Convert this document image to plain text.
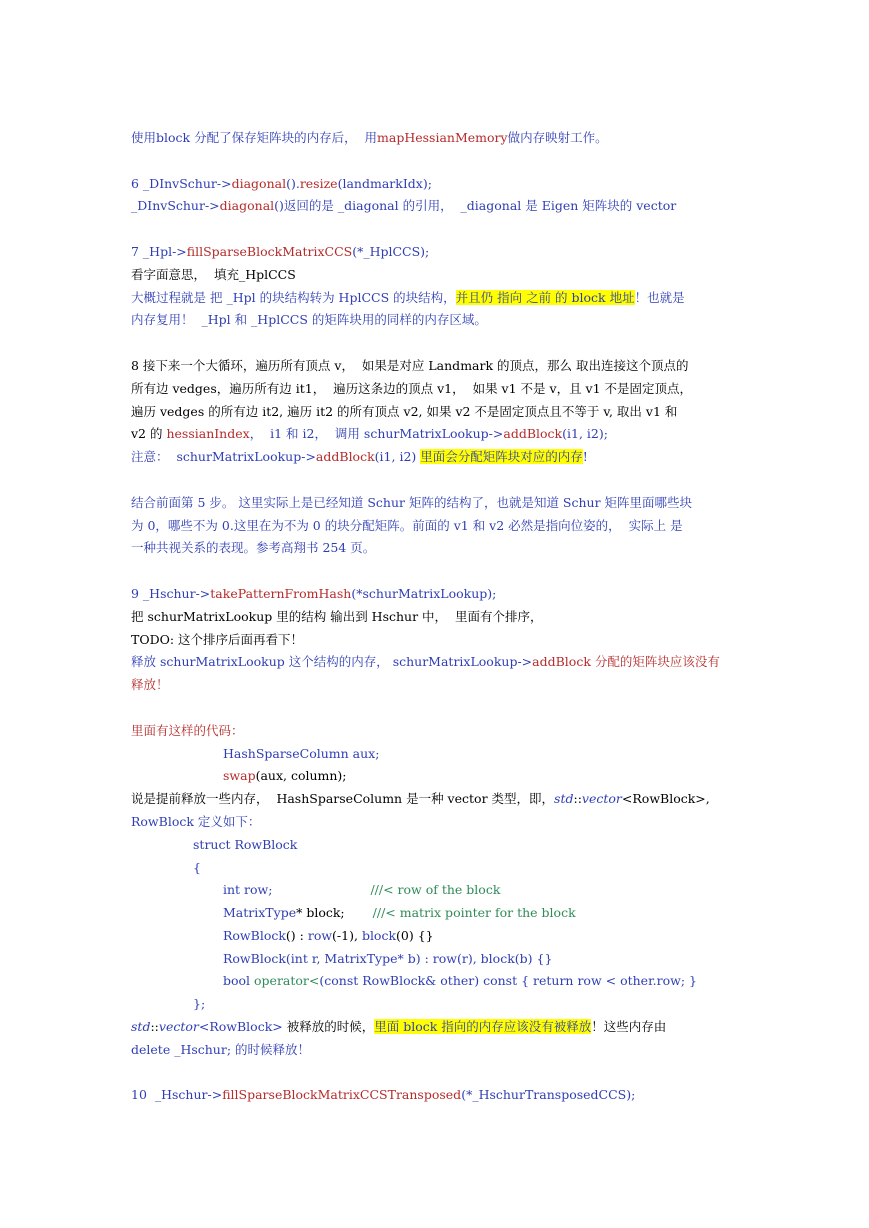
使用block 分配了保存矩阵块的内存后，  用mapHessianMemory做内存映射工作。
6 _DInvSchur->diagonal().resize(landmarkIdx);
_DInvSchur->diagonal()返回的是 _diagonal 的引用，  _diagonal 是 Eigen 矩阵块的 vector
7 _Hpl->fillSparseBlockMatrixCCS(*_HplCCS);
看字面意思，  填充_HplCCS
大概过程就是 把 _Hpl 的块结构转为 HplCCS 的块结构，并且仍 指向 之前 的 block 地址！也就是
内存复用！  _Hpl 和 _HplCCS 的矩阵块用的同样的内存区域。
8 接下来一个大循环，遍历所有顶点 v，  如果是对应 Landmark 的顶点，那么 取出连接这个顶点的
所有边 vedges，遍历所有边 it1，  遍历这条边的顶点 v1，  如果 v1 不是 v，且 v1 不是固定顶点，
遍历 vedges 的所有边 it2, 遍历 it2 的所有顶点 v2, 如果 v2 不是固定顶点且不等于 v, 取出 v1 和
v2 的 hessianIndex，  i1 和 i2，  调用 schurMatrixLookup->addBlock(i1, i2);
注意：  schurMatrixLookup->addBlock(i1, i2) 里面会分配矩阵块对应的内存!
结合前面第 5 步。 这里实际上是已经知道 Schur 矩阵的结构了，也就是知道 Schur 矩阵里面哪些块
为 0，哪些不为 0.这里在为不为 0 的块分配矩阵。前面的 v1 和 v2 必然是指向位姿的，  实际上 是
一种共视关系的表现。参考高翔书 254 页。
9 _Hschur->takePatternFromHash(*schurMatrixLookup);
把 schurMatrixLookup 里的结构 输出到 Hschur 中，  里面有个排序，
TODO: 这个排序后面再看下！
释放 schurMatrixLookup 这个结构的内存， schurMatrixLookup->addBlock 分配的矩阵块应该没有
释放！
里面有这样的代码：
HashSparseColumn aux;
swap(aux, column);
说是提前释放一些内存，  HashSparseColumn 是一种 vector 类型，即，std::vector<RowBlock>,
RowBlock 定义如下：
struct RowBlock
{
int row;	///< row of the block
MatrixType* block; ///< matrix pointer for the block
RowBlock() : row(-1), block(0) {}
RowBlock(int r, MatrixType* b) : row(r), block(b) {}
bool operator<(const RowBlock& other) const { return row < other.row; }
};
std::vector<RowBlock> 被释放的时候，里面 block 指向的内存应该没有被释放！这些内存由
delete _Hschur; 的时候释放！
10  _Hschur->fillSparseBlockMatrixCCSTransposed(*_HschurTransposedCCS);
